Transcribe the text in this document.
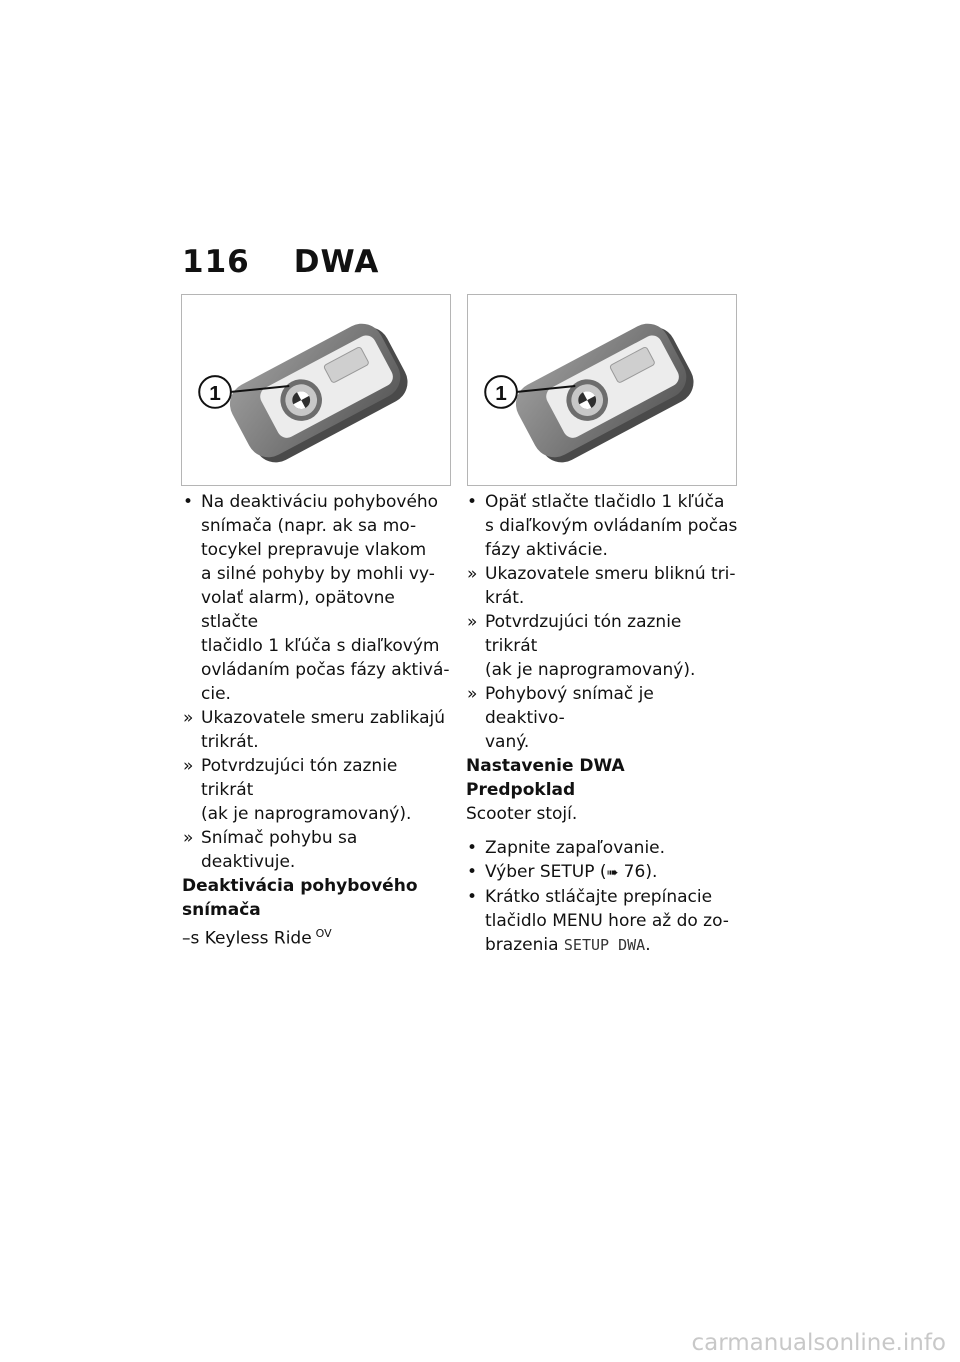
116 DWA
1	1

• Na deaktiváciu pohybového
snímača (napr. ak sa mo-
tocykel prepravuje vlakom
a silné pohyby by mohli vy-
volať alarm), opätovne stlačte
tlačidlo 1 kľúča s diaľkovým
ovládaním počas fázy aktivá-
cie.

» Ukazovatele smeru zablikajú
trikrát.

» Potvrdzujúci tón zaznie trikrát
(ak je naprogramovaný).

» Snímač pohybu sa deaktivuje.

Deaktivácia pohybového
snímača

–s Keyless Ride $^{OV}$

• Opäť stlačte tlačidlo 1 kľúča
s diaľkovým ovládaním počas
fázy aktivácie.

» Ukazovatele smeru bliknú tri-
krát.

» Potvrdzujúci tón zaznie trikrát
(ak je naprogramovaný).

» Pohybový snímač je deaktivo-
vaný.

Nastavenie DWA

Predpoklad

Scooter stojí.

• Zapnite zapaľovanie.

• Výber SETUP (➠ 76).

• Krátko stláčajte prepínacie
tlačidlo MENU hore až do zo-
brazenia SETUP DWA.

carmanualsonline.info
